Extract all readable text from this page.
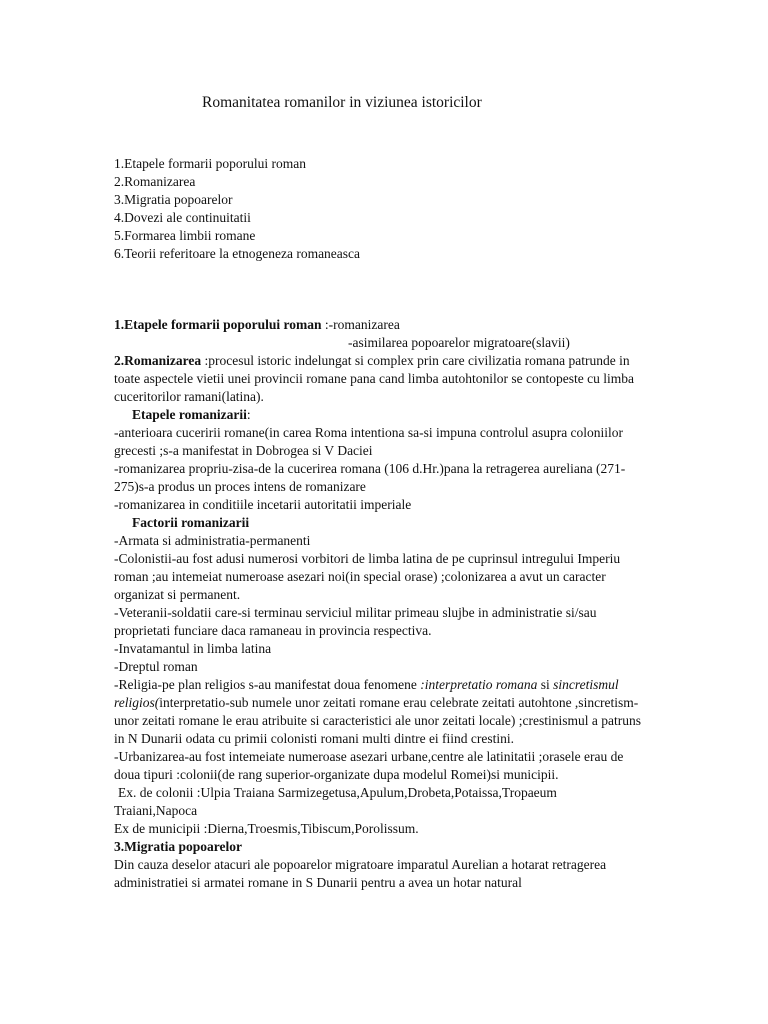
Romanitatea romanilor in viziunea istoricilor
1.Etapele formarii poporului roman
2.Romanizarea
3.Migratia popoarelor
4.Dovezi ale continuitatii
5.Formarea limbii romane
6.Teorii referitoare la etnogeneza romaneasca

1.Etapele formarii poporului roman :-romanizarea

-asimilarea popoarelor migratoare(slavii)

2.Romanizarea :procesul istoric indelungat si complex prin care civilizatia romana patrunde in toate aspectele vietii unei provincii romane pana cand limba autohtonilor se contopeste cu limba cuceritorilor ramani(latina).

Etapele romanizarii:

-anterioara cuceririi romane(in carea Roma intentiona sa-si impuna controlul asupra coloniilor grecesti ;s-a manifestat in Dobrogea si V Daciei

-romanizarea propriu-zisa-de la cucerirea romana (106 d.Hr.)pana la retragerea aureliana (271-275)s-a produs un proces intens de romanizare

-romanizarea in conditiile incetarii autoritatii imperiale

Factorii romanizarii

-Armata si administratia-permanenti

-Colonistii-au fost adusi numerosi vorbitori de limba latina de pe cuprinsul intregului Imperiu roman ;au intemeiat numeroase asezari noi(in special orase) ;colonizarea a avut un caracter organizat si permanent.

-Veteranii-soldatii care-si terminau serviciul militar primeau slujbe in administratie si/sau proprietati funciare daca ramaneau in provincia respectiva.

-Invatamantul in limba latina

-Dreptul roman

-Religia-pe plan religios s-au manifestat doua fenomene :interpretatio romana si sincretismul religios(interpretatio-sub numele unor zeitati romane erau celebrate zeitati autohtone ,sincretism-unor zeitati romane le erau atribuite si caracteristici ale unor zeitati locale) ;crestinismul a patruns in N Dunarii odata cu primii colonisti romani multi dintre ei fiind crestini.

-Urbanizarea-au fost intemeiate numeroase asezari urbane,centre ale latinitatii ;orasele erau de doua tipuri :colonii(de rang superior-organizate dupa modelul Romei)si municipii.

Ex. de colonii :Ulpia Traiana Sarmizegetusa,Apulum,Drobeta,Potaissa,Tropaeum

Traiani,Napoca

Ex de municipii :Dierna,Troesmis,Tibiscum,Porolissum.

3.Migratia popoarelor

Din cauza deselor atacuri ale popoarelor migratoare imparatul Aurelian a hotarat retragerea administratiei si armatei romane in S Dunarii pentru a avea un hotar natural
